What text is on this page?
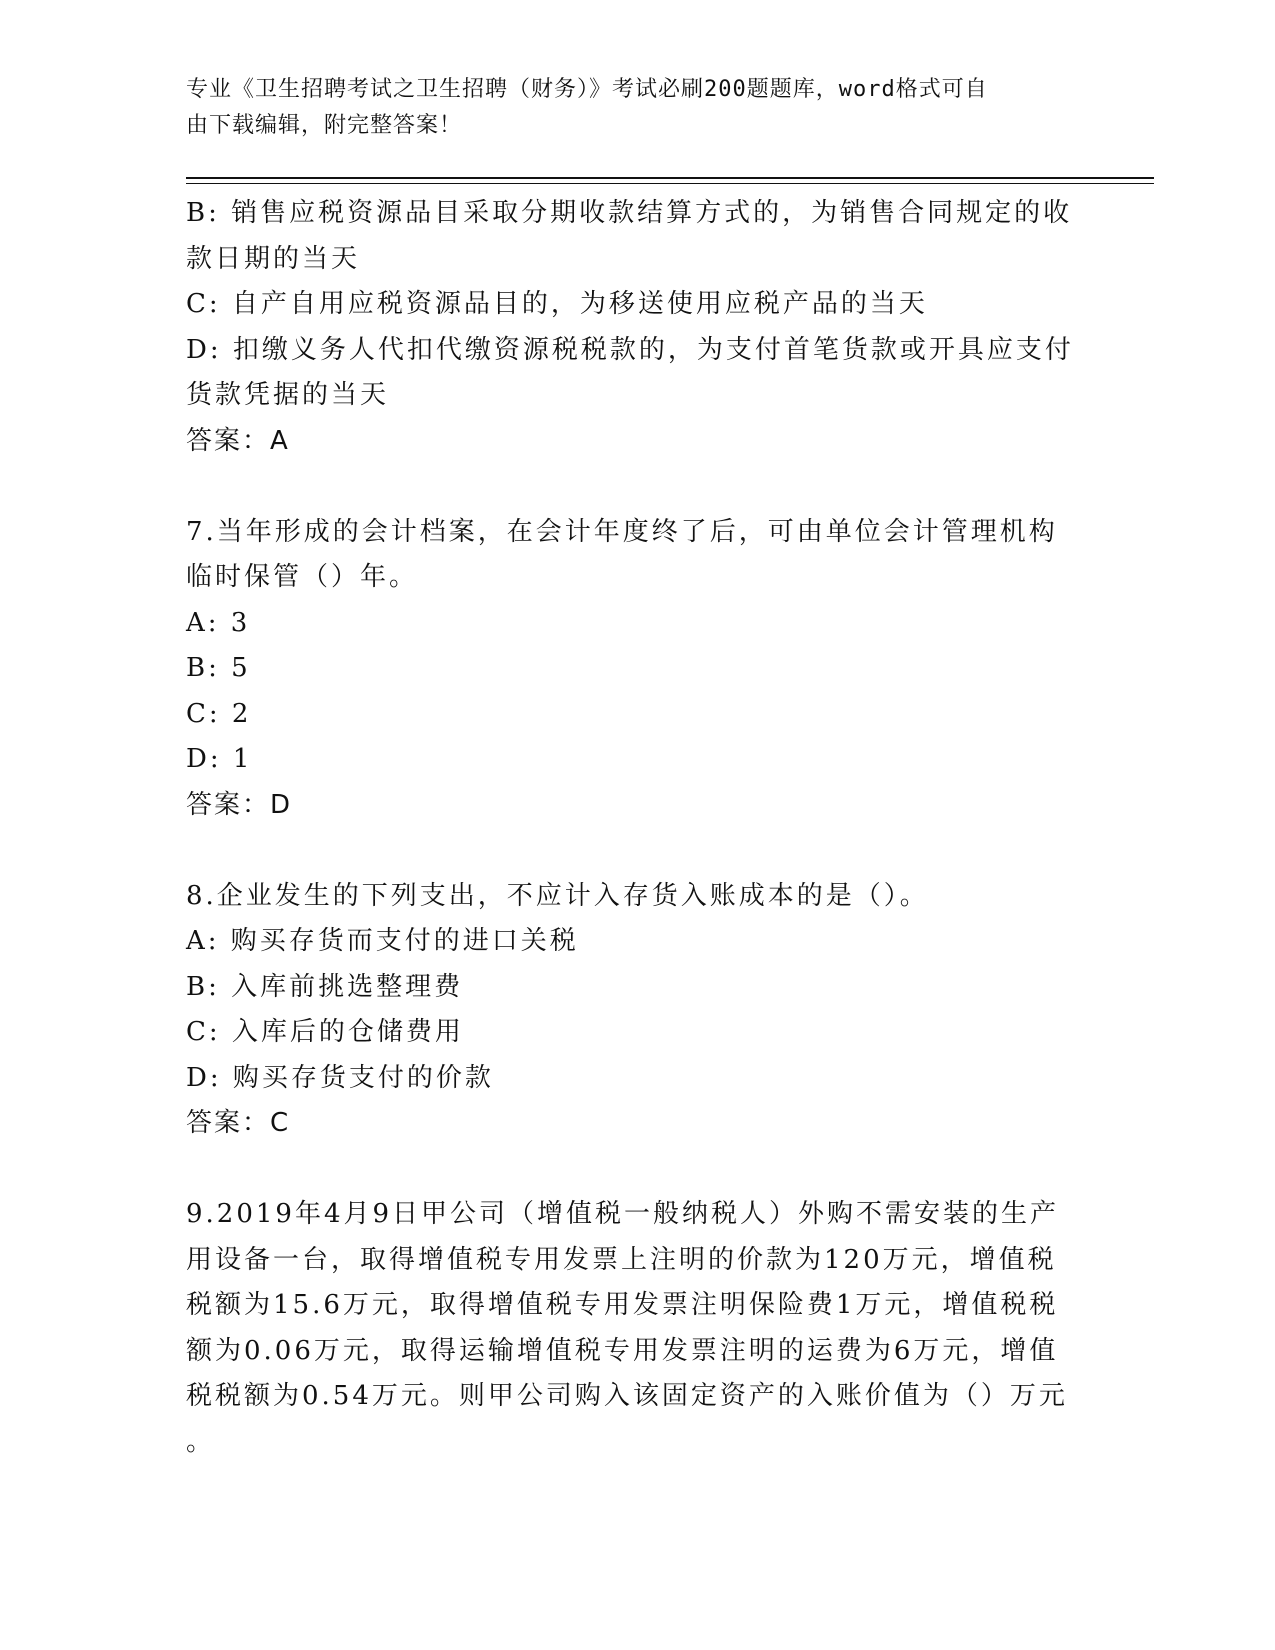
专业《卫生招聘考试之卫生招聘（财务）》考试必刷200题题库，word格式可自
由下载编辑，附完整答案！
B: 销售应税资源品目采取分期收款结算方式的，为销售合同规定的收
款日期的当天
C: 自产自用应税资源品目的，为移送使用应税产品的当天
D: 扣缴义务人代扣代缴资源税税款的，为支付首笔货款或开具应支付
货款凭据的当天
答案：A
7.当年形成的会计档案，在会计年度终了后，可由单位会计管理机构
临时保管（）年。
A: 3
B: 5
C: 2
D: 1
答案：D
8.企业发生的下列支出，不应计入存货入账成本的是（）。
A: 购买存货而支付的进口关税
B: 入库前挑选整理费
C: 入库后的仓储费用
D: 购买存货支付的价款
答案：C
9.2019年4月9日甲公司（增值税一般纳税人）外购不需安装的生产
用设备一台，取得增值税专用发票上注明的价款为120万元，增值税
税额为15.6万元，取得增值税专用发票注明保险费1万元，增值税税
额为0.06万元，取得运输增值税专用发票注明的运费为6万元，增值
税税额为0.54万元。则甲公司购入该固定资产的入账价值为（）万元
。
